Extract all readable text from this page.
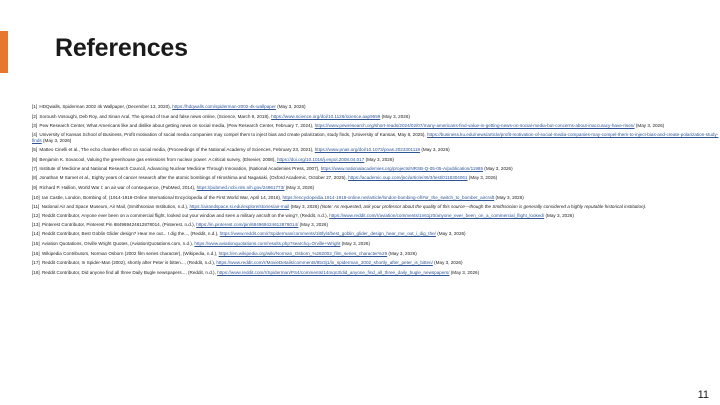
References
[1] HDQwalls, Spiderman 2002 4k Wallpaper, (December 13, 2020), https://hdqwalls.com/spiderman-2002-4k-wallpaper (May 3, 2026)
[2] Soroush Vosoughi, Deb Roy, and Sinan Aral, The spread of true and false news online, (Science, March 9, 2018), https://www.science.org/doi/10.1126/science.aap9559 (May 3, 2026)
[3] Pew Research Center, What Americans like and dislike about getting news on social media, (Pew Research Center, February 7, 2024), https://www.pewresearch.org/short-reads/2024/02/07/many-americans-find-value-in-getting-news-on-social-media-but-concerns-about-inaccuracy-have-risen/ (May 3, 2026)
[4] University of Kansas School of Business, Profit motivation of social media companies may compel them to inject bias and create polarization, study finds, (University of Kansas, May 6, 2025), https://business.ku.edu/news/article/profit-motivation-of-social-media-companies-may-compel-them-to-inject-bias-and-create-polarization-study-finds (May 3, 2026)
[5] Matteo Cinelli et al., The echo chamber effect on social media, (Proceedings of the National Academy of Sciences, February 23, 2021), https://www.pnas.org/doi/10.1073/pnas.2023301118 (May 3, 2026)
[6] Benjamin K. Sovacool, Valuing the greenhouse gas emissions from nuclear power: A critical survey, (Elsevier, 2008), https://doi.org/10.1016/j.enpol.2008.04.017 (May 3, 2026)
[7] Institute of Medicine and National Research Council, Advancing Nuclear Medicine Through Innovation, (National Academies Press, 2007), https://www.nationalacademies.org/projects/NRSB-Q-05-05-A/publication/11985 (May 3, 2026)
[8] Jonathan M Samet et al., Eighty years of cancer research after the atomic bombings of Hiroshima and Nagasaki, (Oxford Academic, October 27, 2025), https://academic.oup.com/jnci/article/46/3/test/0118304061 (May 3, 2026)
[9] Richard P. Hallion, World War I: an air war of consequence, (PubMed, 2014), https://pubmed.ncbi.nlm.nih.gov/24961773/ (May 3, 2026)
[10] Ian Castle, London, Bombing of, (1914-1918-Online International Encyclopedia of the First World War, April 14, 2016), https://encyclopedia.1914-1918-online.net/article/london-bombing-of/#or_the_switch_to_bomber_aircraft (May 3, 2026)
[11] National Air and Space Museum, Air Mail, (Smithsonian Institution, n.d.), https://airandspace.si.edu/explore/stories/air-mail (May 3, 2026) (Note: As requested, ask your professor about the quality of this source—though the Smithsonian is generally considered a highly reputable historical institution).
[12] Reddit Contributor, Anyone ever been on a commercial flight, looked out your window and seen a military aircraft on the wing?, (Reddit, n.d.), https://www.reddit.com/r/aviation/comments/1n61jz0/anyone_ever_been_on_a_commercial_flight_looked/ (May 3, 2026)
[13] Pinterest Contributor, Pinterest Pin 684969424612878014, (Pinterest, n.d.), https://in.pinterest.com/pin/684969424612878014/ (May 3, 2026)
[14] Reddit Contributor, Best Goblin Glider design? Hear me out... I dig the..., (Reddit, n.d.), https://www.reddit.com/r/Spiderman/comments/1l6fyl4/best_goblin_glider_design_hear_me_out_i_dig_the/ (May 3, 2026)
[15] Aviation Quotations, Orville Wright Quotes, (AviationQuotations.com, n.d.), https://www.aviationquotations.com/results.php?searchq=Orville+Wright (May 3, 2026)
[16] Wikipedia Contributors, Norman Osborn (2002 film series character), (Wikipedia, n.d.), https://en.wikipedia.org/wiki/Norman_Osborn_%282002_film_series_character%29 (May 3, 2026)
[17] Reddit Contributor, In Spider-Man (2002), shortly after Peter is bitten..., (Reddit, n.d.), https://www.reddit.com/r/MovieDetails/comments/85r3j1/in_spiderman_2002_shortly_after_peter_is_bitten/ (May 3, 2026)
[18] Reddit Contributor, Did anyone find all three Daily Bugle newspapers..., (Reddit, n.d.), https://www.reddit.com/r/Spiderman/PS4/comments/14mqn3/did_anyone_find_all_three_daily_bugle_newspapers/ (May 3, 2026)
11
